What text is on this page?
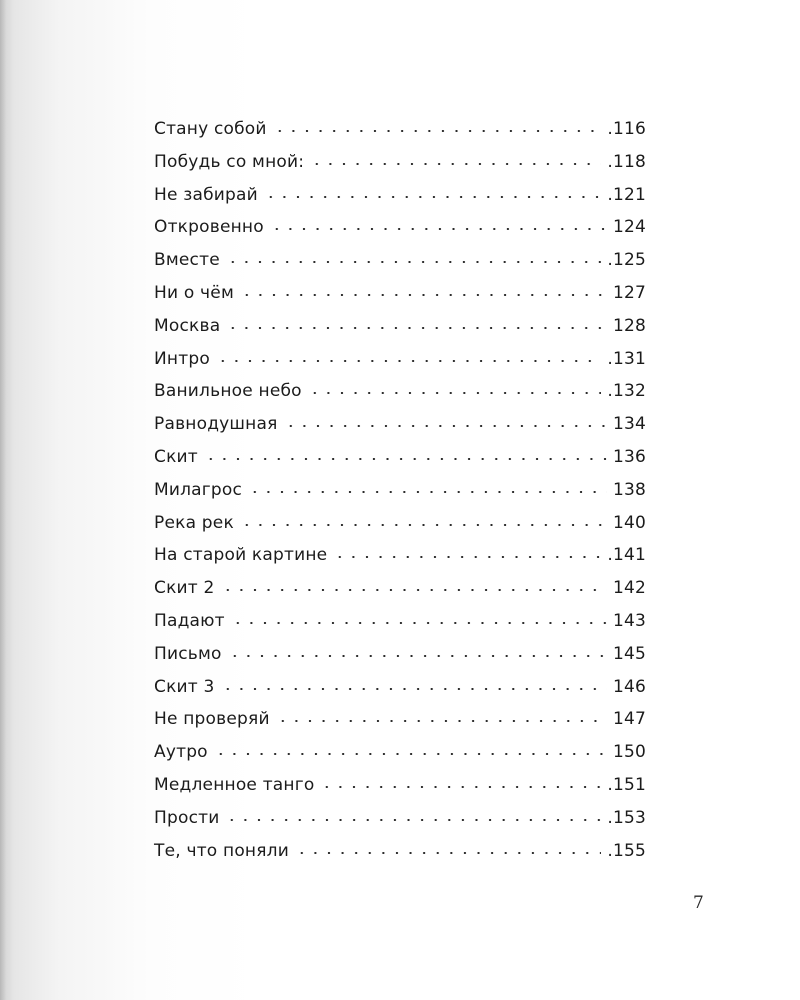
Стану собой	.116
Побудь со мной:	.118
Не забирай	.121
Откровенно	124
Вместе	.125
Ни о чём	127
Москва	128
Интро	.131
Ванильное небо	.132
Равнодушная	134
Скит	136
Милагрос	138
Река рек	140
На старой картине	.141
Скит 2	142
Падают	143
Письмо	145
Скит 3	146
Не проверяй	147
Аутро	150
Медленное танго	.151
Прости	.153
Те, что поняли	.155
7
